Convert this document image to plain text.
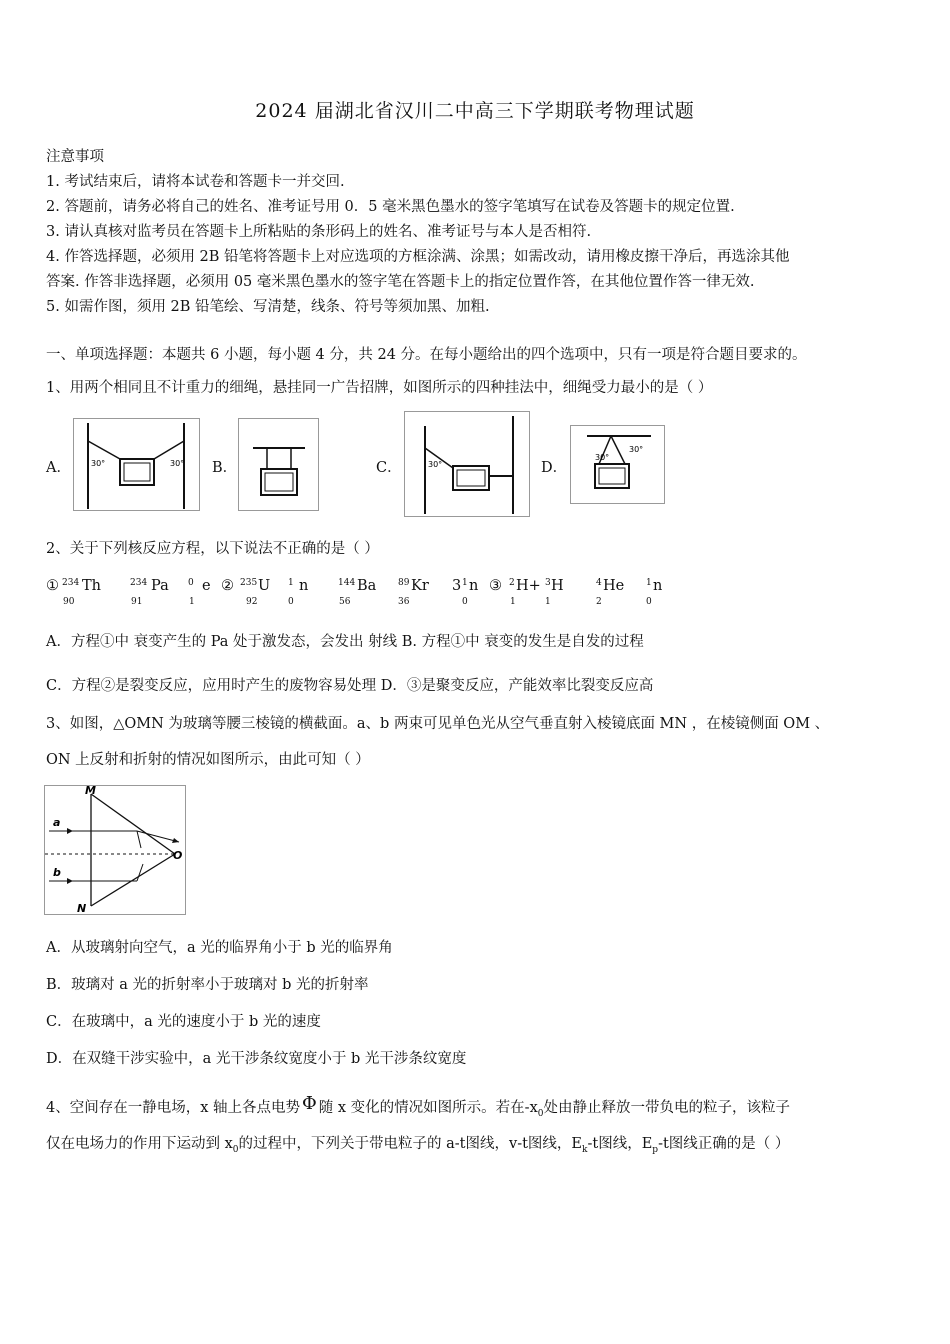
2024 届湖北省汉川二中高三下学期联考物理试题
注意事项
1. 考试结束后，请将本试卷和答题卡一并交回.
2. 答题前，请务必将自己的姓名、准考证号用 0．5 毫米黑色墨水的签字笔填写在试卷及答题卡的规定位置.
3. 请认真核对监考员在答题卡上所粘贴的条形码上的姓名、准考证号与本人是否相符.
4. 作答选择题，必须用 2B 铅笔将答题卡上对应选项的方框涂满、涂黑；如需改动，请用橡皮擦干净后，再选涂其他
答案. 作答非选择题，必须用 05 毫米黑色墨水的签字笔在答题卡上的指定位置作答，在其他位置作答一律无效.
5. 如需作图，须用 2B 铅笔绘、写清楚，线条、符号等须加黑、加粗.
一、单项选择题：本题共 6 小题，每小题 4 分，共 24 分。在每小题给出的四个选项中，只有一项是符合题目要求的。
1、用两个相同且不计重力的细绳，悬挂同一广告招牌，如图所示的四种挂法中，细绳受力最小的是（ ）
A．	30°	30° B．	C．	30°	D．
30°
30°
2、关于下列核反应方程，以下说法不正确的是（ ）
① 234
90
Th	234
91
Pa 0
1
e ② 235
92
U 1
0
n	144
56
Ba 89
36
Kr 3 1
0
n ③ 2
1
H+ 3
1
H	4
2
He 1
0
n
A．方程①中 衰变产生的 Pa 处于激发态，会发出 射线 B. 方程①中 衰变的发生是自发的过程
C．方程②是裂变反应，应用时产生的废物容易处理 D．③是聚变反应，产能效率比裂变反应高
3、如图，△OMN 为玻璃等腰三棱镜的横截面。a、b 两束可见单色光从空气垂直射入棱镜底面 MN ，在棱镜侧面 OM 、
ON 上反射和折射的情况如图所示，由此可知（ ）
M
N
O
a
b
A．从玻璃射向空气，a 光的临界角小于 b 光的临界角
B．玻璃对 a 光的折射率小于玻璃对 b 光的折射率
C．在玻璃中，a 光的速度小于 b 光的速度
D．在双缝干涉实验中，a 光干涉条纹宽度小于 b 光干涉条纹宽度
4、空间存在一静电场，x 轴上各点电势 Φ 随 x 变化的情况如图所示。若在$-x_0$处由静止释放一带负电的粒子，该粒子
仅在电场力的作用下运动到 $x_0$的过程中，下列关于带电粒子的 a-t图线，v-t图线，$E_k-t$图线，$E_p-t$图线正确的是（ ）
